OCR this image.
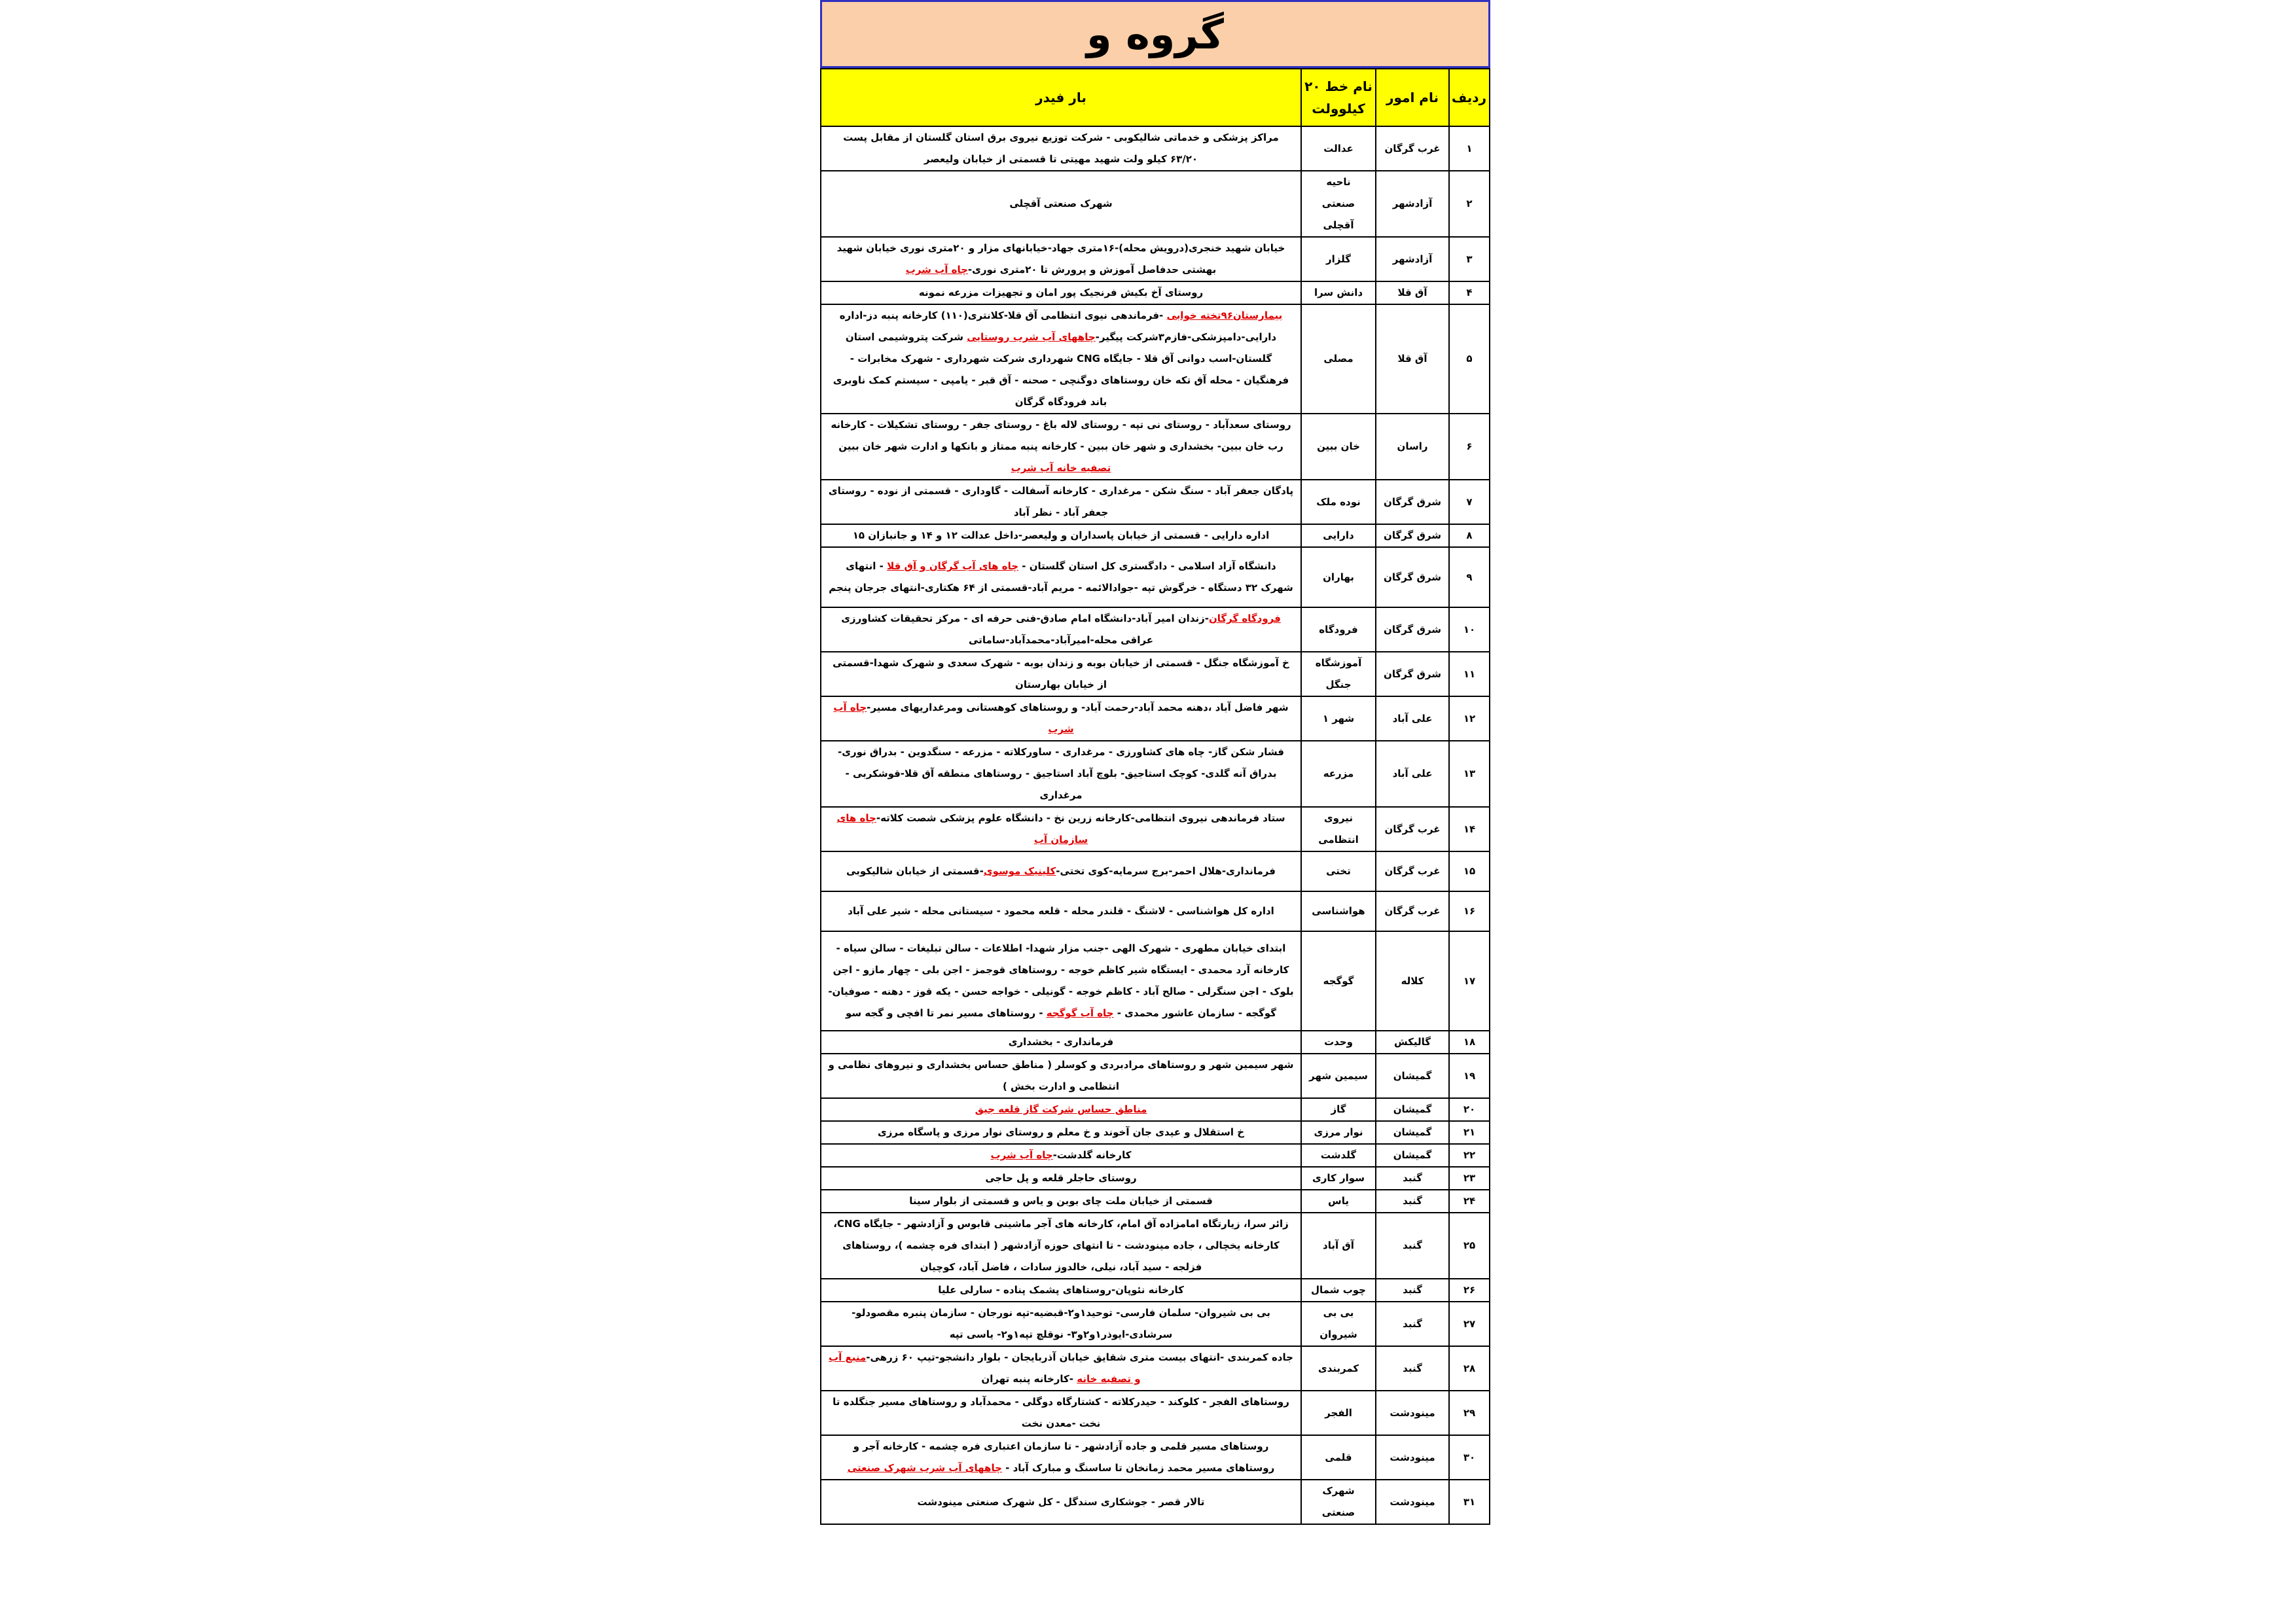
گروه و
ردیف	نام امور	نام خط ۲۰ کیلوولت	بار فیدر
۱	غرب گرگان	عدالت	مراکز پزشکی و خدماتی شالیکوبی - شرکت توزیع نیروی برق استان گلستان از مقابل پست ۶۳/۲۰ کیلو ولت شهید مهیتی تا قسمتی از خیابان ولیعصر
۲	آزادشهر	ناحیه صنعتی آقچلی	شهرک صنعتی آقچلی
۳	آزادشهر	گلزار	خیابان شهید خنجری(درویش محله)-۱۶متری جهاد-خیابانهای مزار و ۲۰متری نوری خیابان شهید بهشتی حدفاصل آموزش و پرورش تا ۲۰متری نوری-چاه آب شرب
۴	آق قلا	دانش سرا	روستای آخ بکیش فرنجیک پور امان و تجهیزات مزرعه نمونه
۵	آق قلا	مصلی	بیمارستان۹۶تخته خوابی -فرماندهی نیوی انتظامی آق قلا-کلانتری(۱۱۰) کارخانه پنبه دز-اداره دارایی-دامپزشکی-فازم۳شرکت پیگیر-چاههای آب شرب روستایی شرکت پتروشیمی استان گلستان-اسب دوانی آق قلا - جایگاه CNG شهرداری شرکت شهرداری - شهرک مخابرات - فرهنگیان - محله آق تکه خان روستاهای دوگنچی - صحنه - آق قبر - یامپی - سیستم کمک ناوبری باند فرودگاه گرگان
۶	راسان	خان ببین	روستای سعدآباد - روستای نی تپه - روستای لاله باغ - روستای جفر - روستای تشکیلات - کارخانه رب خان ببین- بخشداری و شهر خان ببین - کارخانه پنبه ممتاز و بانکها و ادارت شهر خان ببین تصفیه خانه آب شرب
۷	شرق گرگان	نوده ملک	پادگان جعفر آباد - سنگ شکن - مرغداری - کارخانه آسفالت - گاوداری - قسمتی از نوده - روستای جعفر آباد - نظر آباد
۸	شرق گرگان	دارایی	اداره دارایی - قسمتی از خیابان پاسداران و ولیعصر-داخل عدالت ۱۲ و ۱۴ و جانبازان ۱۵
۹	شرق گرگان	بهاران	دانشگاه آزاد اسلامی - دادگستری کل استان گلستان - چاه های آب گرگان و آق قلا - انتهای شهرک ۳۲ دستگاه - خرگوش تپه -جوادالائمه - مریم آباد-قسمتی از ۶۴ هکتاری-انتهای جرجان پنجم
۱۰	شرق گرگان	فرودگاه	فرودگاه گرگان-زندان امیر آباد-دانشگاه امام صادق-فنی حرفه ای - مرکز تحقیقات کشاورزی عراقی محله-امیرآباد-محمدآباد-ساماتی
۱۱	شرق گرگان	آموزشگاه جنگل	خ آموزشگاه جنگل - قسمتی از خیابان بوبه و زندان بوبه - شهرک سعدی و شهرک شهدا-قسمتی از خیابان بهارستان
۱۲	علی آباد	شهر ۱	شهر فاضل آباد ،دهنه محمد آباد-رحمت آباد- و روستاهای کوهستانی ومرغداریهای مسیر-چاه آب شرب
۱۳	علی آباد	مزرعه	فشار شکن گاز- چاه های کشاورزی - مرغداری - ساورکلاته - مزرعه - سنگدوین - بدراق نوری- بدراق آنه گلدی- کوچک استاجیق- بلوچ آباد استاجیق - روستاهای منطقه آق قلا-قوشکربی - مرغداری
۱۴	غرب گرگان	نیروی انتظامی	ستاد فرماندهی نیروی انتظامی-کارخانه زرین نخ - دانشگاه علوم پزشکی شصت کلاته-چاه های سازمان آب
۱۵	غرب گرگان	تختی	فرمانداری-هلال احمر-برج سرمایه-کوی تختی-کلینیک موسوی-قسمتی از خیابان شالیکوبی
۱۶	غرب گرگان	هواشناسی	اداره کل هواشناسی - لاشنگ - قلندر محله - قلعه محمود - سیستانی محله - شیر علی آباد
۱۷	کلاله	گوگجه	ابتدای خیابان مطهری - شهرک الهی -جنب مزار شهدا- اطلاعات - سالن تبلیغات - سالن سیاه - کارخانه آرد محمدی - ایستگاه شیر کاظم خوجه - روستاهای قوجمز - اجن بلی - چهار مازو - اجن بلوک - اجن سنگرلی - صالح آباد - کاظم خوجه - گونیلی - خواجه حسن - یکه قوز - دهنه - صوفیان-گوگجه - سازمان عاشور محمدی - چاه آب گوگجه - روستاهای مسیر نمر تا افچی و گجه سو
۱۸	گالیکش	وحدت	فرمانداری - بخشداری
۱۹	گمیشان	سیمین شهر	شهر سیمین شهر و روستاهای مرادبردی و کوسلر ( مناطق حساس بخشداری و نیروهای نظامی و انتظامی و ادارت بخش )
۲۰	گمیشان	گاز	مناطق حساس شرکت گاز قلعه جیق
۲۱	گمیشان	نوار مرزی	خ استقلال و عیدی جان آخوند و خ معلم و روستای نوار مرزی و پاسگاه مرزی
۲۲	گمیشان	گلدشت	کارخانه گلدشت-چاه آب شرب
۲۳	گنبد	سوار کاری	روستای حاجلر قلعه و پل حاجی
۲۴	گنبد	یاس	قسمتی از خیابان ملت چای بوبن و یاس و قسمتی از بلوار سینا
۲۵	گنبد	آق آباد	زائر سرا، زیارتگاه امامزاده آق امام، کارخانه های آجر ماشینی قابوس و آزادشهر - جایگاه CNG، کارخانه یخچالی ، جاده مینودشت - تا انتهای حوزه آزادشهر ( ابتدای فره چشمه )، روستاهای فزلجه - سید آباد، نیلی، خالدوز سادات ، فاضل آباد، کوچیان
۲۶	گنبد	چوب شمال	کارخانه نئوپان-روستاهای پشمک پناده - سارلی علیا
۲۷	گنبد	بی بی شیروان	بی بی شیروان- سلمان فارسی- توحید۱و۲-قبضیه-تپه نورجان - سازمان پنبره مقصودلو- سرشادی-ایوذر۱و۲و۳- نوقلچ تپه۱و۲- یاسی تپه
۲۸	گنبد	کمربندی	جاده کمربندی -انتهای بیست متری شقایق خیابان آذربایجان - بلوار دانشجو-تیپ ۶۰ زرهی-منبع آب و تصفیه خانه -کارخانه پنبه تهران
۲۹	مینودشت	الفجر	روستاهای الفجر - کلوکند - حیدرکلاته - کشتارگاه دوگلی - محمدآباد و روستاهای مسیر جنگلده تا نخت -معدن نخت
۳۰	مینودشت	قلمی	روستاهای مسیر قلمی و جاده آزادشهر - تا سازمان اعتباری فره چشمه - کارخانه آجر و روستاهای مسیر محمد زمانخان تا ساسنگ و مبارک آباد - چاههای آب شرب شهرک صنعتی
۳۱	مینودشت	شهرک صنعتی	تالار قصر - جوشکاری سندگل - کل شهرک صنعتی مینودشت
